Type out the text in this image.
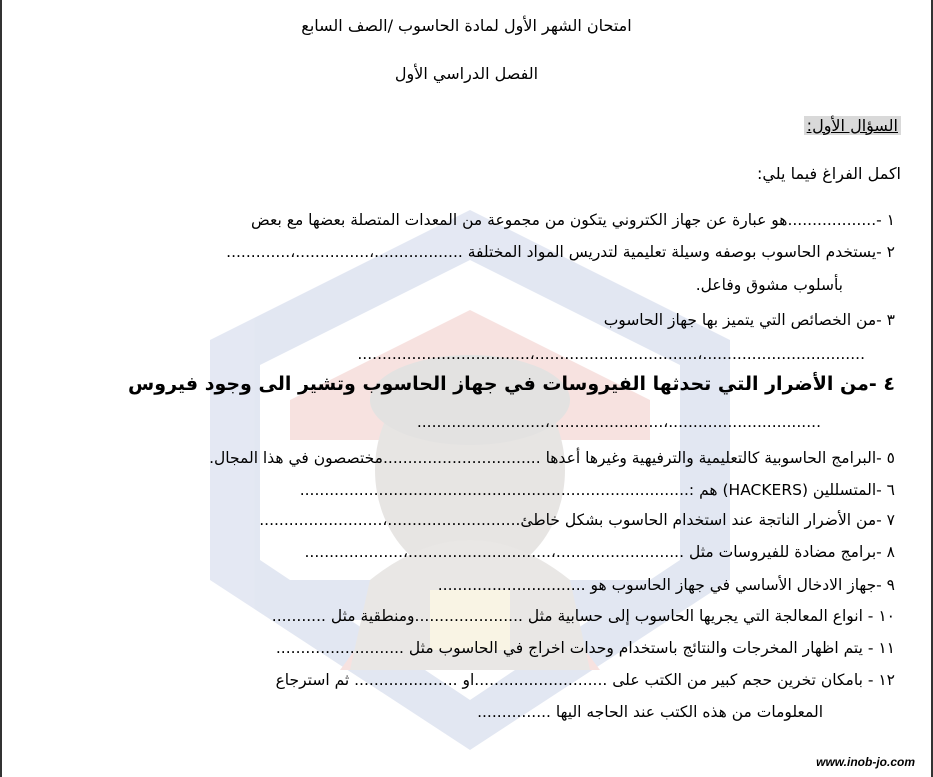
امتحان الشهر الأول لمادة الحاسوب /الصف السابع
الفصل الدراسي الأول
السؤال الأول:
اكمل الفراغ فيما يلي:
١ -..................هو عبارة عن جهاز الكتروني يتكون من مجموعة من المعدات المتصلة بعضها مع بعض
٢ -يستخدم الحاسوب بوصفه وسيلة تعليمية لتدريس المواد المختلفة ..................،...............،.............
بأسلوب مشوق وفاعل.
٣ -من الخصائص التي يتميز بها جهاز الحاسوب
.................................،.................................،...................................
٤ -من الأضرار التي تحدثها الفيروسات في جهاز الحاسوب وتشير الى وجود فيروس
...............................،.......................،..........................
٥ -البرامج الحاسوبية كالتعليمية والترفيهية وغيرها أعدها ................................مختصصون في هذا المجال.
٦ -المتسللين (HACKERS) هم :...............................................................................
٧ -من الأضرار الناتجة عند استخدام الحاسوب بشكل خاطئ...........................،.........................
٨ -برامج مضادة للفيروسات مثل ..........................،.............................،....................
٩ -جهاز الادخال الأساسي في جهاز الحاسوب هو ..............................
١٠ - انواع المعالجة التي يجريها الحاسوب إلى حسابية مثل ......................ومنطقية مثل ...........
١١ - يتم اظهار المخرجات والنتائج باستخدام وحدات اخراج في الحاسوب مثل ..........................
١٢ - بامكان تخرين حجم كبير من الكتب على ...........................او ..................... ثم استرجاع
المعلومات من هذه الكتب عند الحاجه اليها ...............
www.inob-jo.com
